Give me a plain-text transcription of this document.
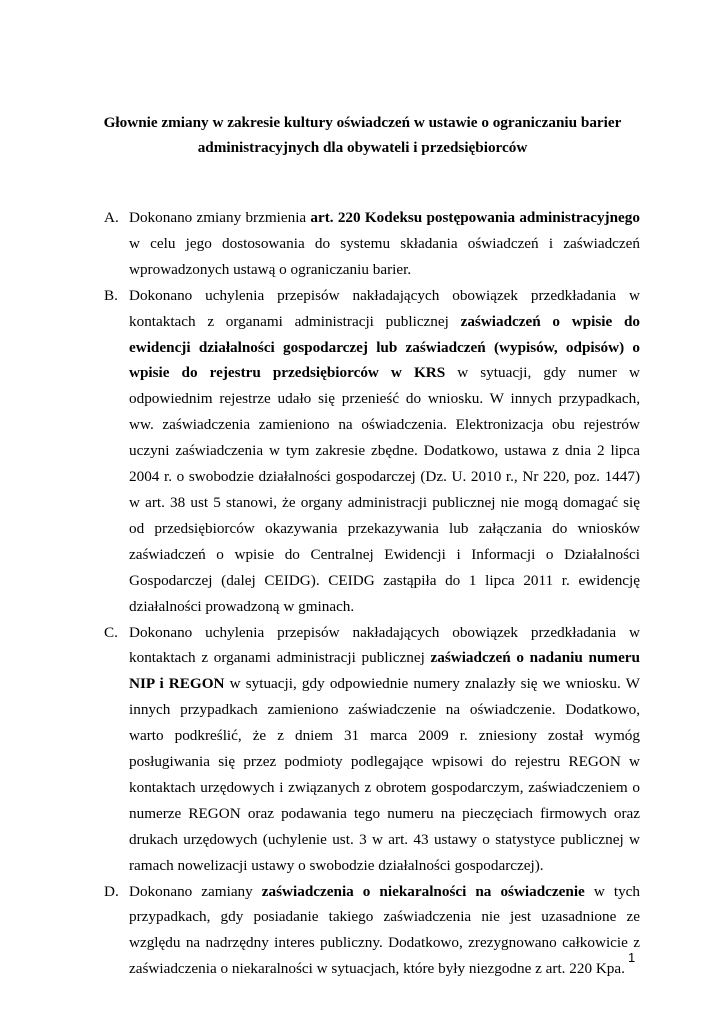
Głownie zmiany w zakresie kultury oświadczeń w ustawie o ograniczaniu barier
administracyjnych dla obywateli i przedsiębiorców
A. Dokonano zmiany brzmienia art. 220 Kodeksu postępowania administracyjnego w celu jego dostosowania do systemu składania oświadczeń i zaświadczeń wprowadzonych ustawą o ograniczaniu barier.
B. Dokonano uchylenia przepisów nakładających obowiązek przedkładania w kontaktach z organami administracji publicznej zaświadczeń o wpisie do ewidencji działalności gospodarczej lub zaświadczeń (wypisów, odpisów) o wpisie do rejestru przedsiębiorców w KRS w sytuacji, gdy numer w odpowiednim rejestrze udało się przenieść do wniosku. W innych przypadkach, ww. zaświadczenia zamieniono na oświadczenia. Elektronizacja obu rejestrów uczyni zaświadczenia w tym zakresie zbędne. Dodatkowo, ustawa z dnia 2 lipca 2004 r. o swobodzie działalności gospodarczej (Dz. U. 2010 r., Nr 220, poz. 1447) w art. 38 ust 5 stanowi, że organy administracji publicznej nie mogą domagać się od przedsiębiorców okazywania przekazywania lub załączania do wniosków zaświadczeń o wpisie do Centralnej Ewidencji i Informacji o Działalności Gospodarczej (dalej CEIDG). CEIDG zastąpiła do 1 lipca 2011 r. ewidencję działalności prowadzoną w gminach.
C. Dokonano uchylenia przepisów nakładających obowiązek przedkładania w kontaktach z organami administracji publicznej zaświadczeń o nadaniu numeru NIP i REGON w sytuacji, gdy odpowiednie numery znalazły się we wniosku. W innych przypadkach zamieniono zaświadczenie na oświadczenie. Dodatkowo, warto podkreślić, że z dniem 31 marca 2009 r. zniesiony został wymóg posługiwania się przez podmioty podlegające wpisowi do rejestru REGON w kontaktach urzędowych i związanych z obrotem gospodarczym, zaświadczeniem o numerze REGON oraz podawania tego numeru na pieczęciach firmowych oraz drukach urzędowych (uchylenie ust. 3 w art. 43 ustawy o statystyce publicznej w ramach nowelizacji ustawy o swobodzie działalności gospodarczej).
D. Dokonano zamiany zaświadczenia o niekaralności na oświadczenie w tych przypadkach, gdy posiadanie takiego zaświadczenia nie jest uzasadnione ze względu na nadrzędny interes publiczny. Dodatkowo, zrezygnowano całkowicie z zaświadczenia o niekaralności w sytuacjach, które były niezgodne z art. 220 Kpa.
1
